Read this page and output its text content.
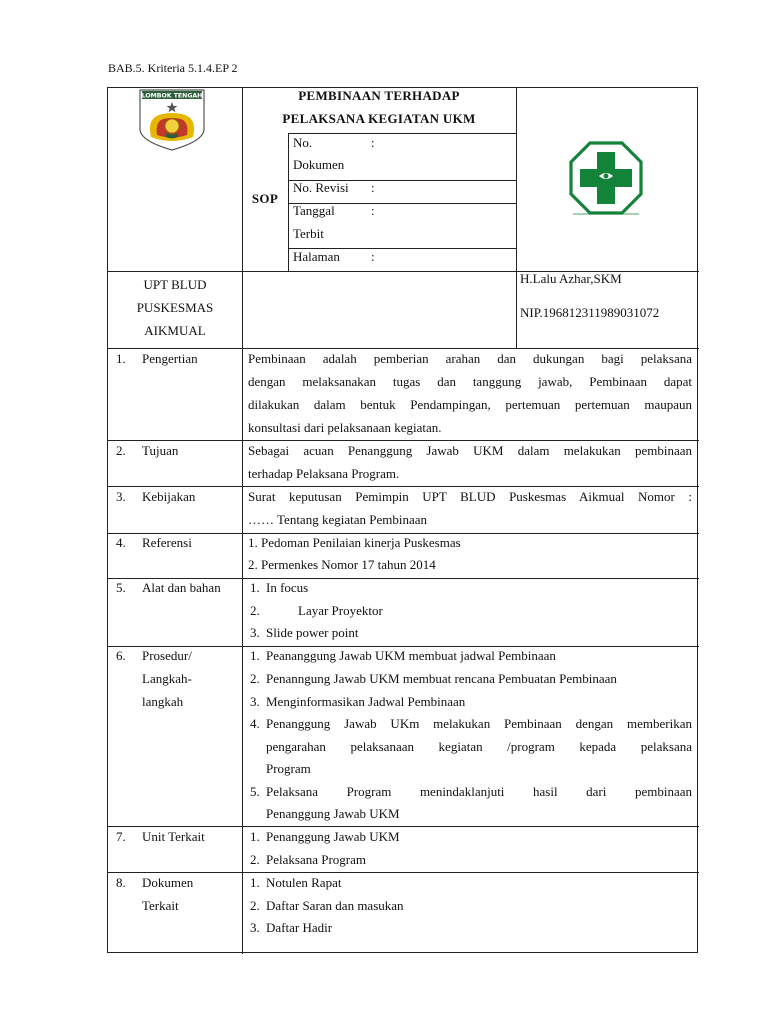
BAB.5. Kriteria 5.1.4.EP 2
LOMBOK TENGAH	PEMBINAAN TERHADAP
PELAKSANA KEGIATAN UKM
SOP
No.	:
Dokumen
No. Revisi :
Tanggal	:
Terbit
Halaman :
UPT BLUD
PUSKESMAS
AIKMUAL
H.Lalu Azhar,SKM
NIP.196812311989031072
1. Pengertian	Pembinaan adalah pemberian arahan dan dukungan bagi pelaksana
dengan melaksanakan tugas dan tanggung jawab, Pembinaan dapat
dilakukan dalam bentuk Pendampingan, pertemuan pertemuan maupaun
konsultasi dari pelaksanaan kegiatan.
2. Tujuan	Sebagai acuan Penanggung Jawab UKM dalam melakukan pembinaan
terhadap Pelaksana Program.
3. Kebijakan	Surat keputusan Pemimpin UPT BLUD Puskesmas Aikmual Nomor :
…… Tentang kegiatan Pembinaan
4. Referensi	1. Pedoman Penilaian kinerja Puskesmas
2. Permenkes Nomor 17 tahun 2014
5. Alat dan bahan 1. In focus
2.	Layar Proyektor
3. Slide power point
6. Prosedur/
Langkah-
langkah
1. Peananggung Jawab UKM membuat jadwal Pembinaan
2. Penanngung Jawab UKM membuat rencana Pembuatan Pembinaan
3. Menginformasikan Jadwal Pembinaan
4. Penanggung Jawab UKm melakukan Pembinaan dengan memberikan
pengarahan pelaksanaan kegiatan /program kepada pelaksana
Program
5. Pelaksana Program menindaklanjuti hasil dari pembinaan
Penanggung Jawab UKM
7. Unit Terkait	1. Penanggung Jawab UKM
2. Pelaksana Program
8. Dokumen
Terkait
1. Notulen Rapat
2. Daftar Saran dan masukan
3. Daftar Hadir
